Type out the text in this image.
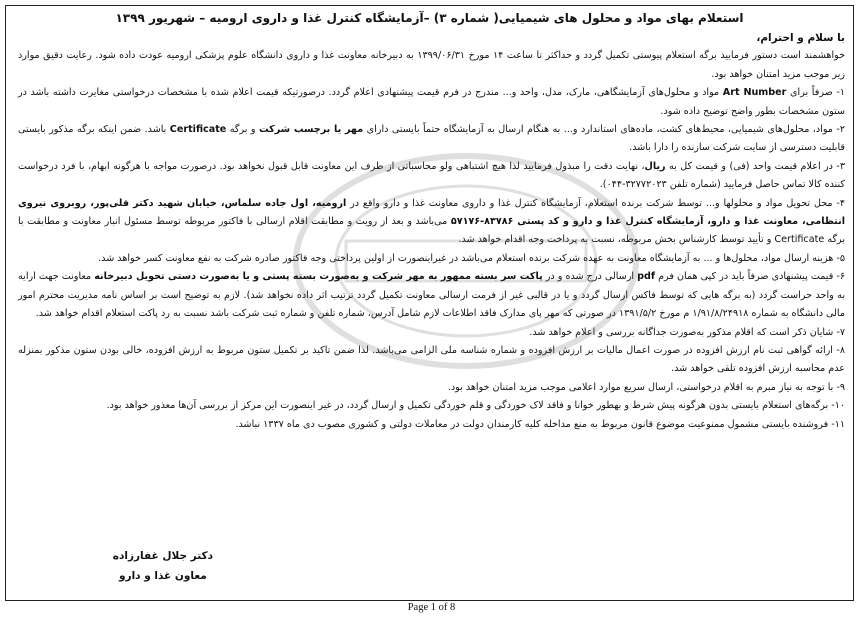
استعلام بهای مواد و محلول های شیمیایی( شماره ۳) –آزمایشگاه کنترل غذا و داروی ارومیه – شهریور ۱۳۹۹
با سلام و احترام،

خواهشمند است دستور فرمایید برگه استعلام پیوستی تکمیل گردد و حداکثر تا ساعت ۱۴ مورخ ۱۳۹۹/۰۶/۳۱ به دبیرخانه معاونت غذا و داروی دانشگاه علوم پزشکی ارومیه عودت داده شود. رعایت دقیق موارد زیر موجب مزید امتنان خواهد بود.

۱- صرفاً برای Art Number مواد و محلول‌های آزمایشگاهی، مارک، مدل، واحد و... مندرج در فرم قیمت پیشنهادی اعلام گردد. درصورتیکه قیمت اعلام شده با مشخصات درخواستی مغایرت داشته باشد در ستون مشخصات بطور واضح توضیح داده شود.

۲- مواد، محلول‌های شیمیایی، محیط‌های کشت، ماده‌های استاندارد و... به هنگام ارسال به آزمایشگاه حتماً بایستی دارای مهر یا برچسب شرکت و برگه Certificate باشد. ضمن اینکه برگه مذکور بایستی قابلیت دسترسی از سایت شرکت سازنده را دارا باشد.

۳- در اعلام قیمت واحد (فی) و قیمت کل به ریال، نهایت دقت را مبذول فرمایید لذا هیچ اشتباهی ولو محاسباتی از طرف این معاونت قابل قبول نخواهد بود. درصورت مواجه با هرگونه ابهام، با فرد درخواست کننده کالا تماس حاصل فرمایید (شماره تلفن ۳۲۷۷۲۰۲۳-۰۴۴).

۴- محل تحویل مواد و محلولها و... توسط شرکت برنده استعلام، آزمایشگاه کنترل غذا و داروی معاونت غذا و دارو واقع در ارومیه، اول جاده سلماس، خیابان شهید دکتر قلی‌پور، روبروی نیروی انتظامی، معاونت غذا و دارو، آزمایشگاه کنترل غذا و دارو و کد پستی ۸۳۷۸۶-۵۷۱۷۶ می‌باشد و بعد از رویت و مطابقت اقلام ارسالی با فاکتور مربوطه توسط مسئول انبار معاونت و مطابقت با برگه Certificate و تأیید توسط کارشناس بخش مربوطه، نسبت به پرداخت وجه اقدام خواهد شد.

۵- هزینه ارسال مواد، محلول‌ها و ... به آزمایشگاه معاونت به عهده شرکت برنده استعلام می‌باشد در غیراینصورت از اولین پرداختی وجه فاکتور صادره شرکت به نفع معاونت کسر خواهد شد.

۶- قیمت پیشنهادی صرفاً باید در کپی همان فرم pdf ارسالی درج شده و در پاکت سر بسته ممهور به مهر شرکت و به‌صورت بسته پستی و یا به‌صورت دستی تحویل دبیرخانه معاونت جهت ارایه به واحد حراست گردد (به برگه هایی که توسط فاکس ارسال گردد و یا در قالبی غیر از فرمت ارسالی معاونت تکمیل گردد ترتیب اثر داده نخواهد شد). لازم به توضیح است بر اساس نامه مدیریت محترم امور مالی دانشگاه به شماره ۱/۹۱/۸/۲۴۹۱۸ م مورخ ۱۳۹۱/۵/۲ در صورتی که مهر پای مدارک فاقد اطلاعات لازم شامل آدرس، شماره تلفن و شماره ثبت شرکت باشد نسبت به رد پاکت استعلام اقدام خواهد شد.

۷- شایان ذکر است که اقلام مذکور به‌صورت جداگانه بررسی و اعلام خواهد شد.

۸- ارائه گواهی ثبت نام ارزش افزوده در صورت اعمال مالیات بر ارزش افزوده و شماره شناسه ملی الزامی می‌باشد. لذا ضمن تاکید بر تکمیل ستون مربوط به ارزش افزوده، خالی بودن ستون مذکور بمنزله عدم محاسبه ارزش افزوده تلقی خواهد شد.

۹- با توجه به نیاز مبرم به اقلام درخواستی، ارسال سریع موارد اعلامی موجب مزید امتنان خواهد بود.

۱۰- برگه‌های استعلام بایستی بدون هرگونه پیش شرط و بهطور خوانا و فاقد لاک خوردگی و قلم خوردگی تکمیل و ارسال گردد، در غیر اینصورت این مرکز از بررسی آن‌ها معذور خواهد بود.

۱۱- فروشنده بایستی مشمول ممنوعیت موضوع قانون مربوط به منع مداخله کلیه کارمندان دولت در معاملات دولتی و کشوری مصوب دی ماه ۱۳۳۷ نباشد.

دکتر جلال غفارزاده
معاون غذا و دارو
Page 1 of 8
